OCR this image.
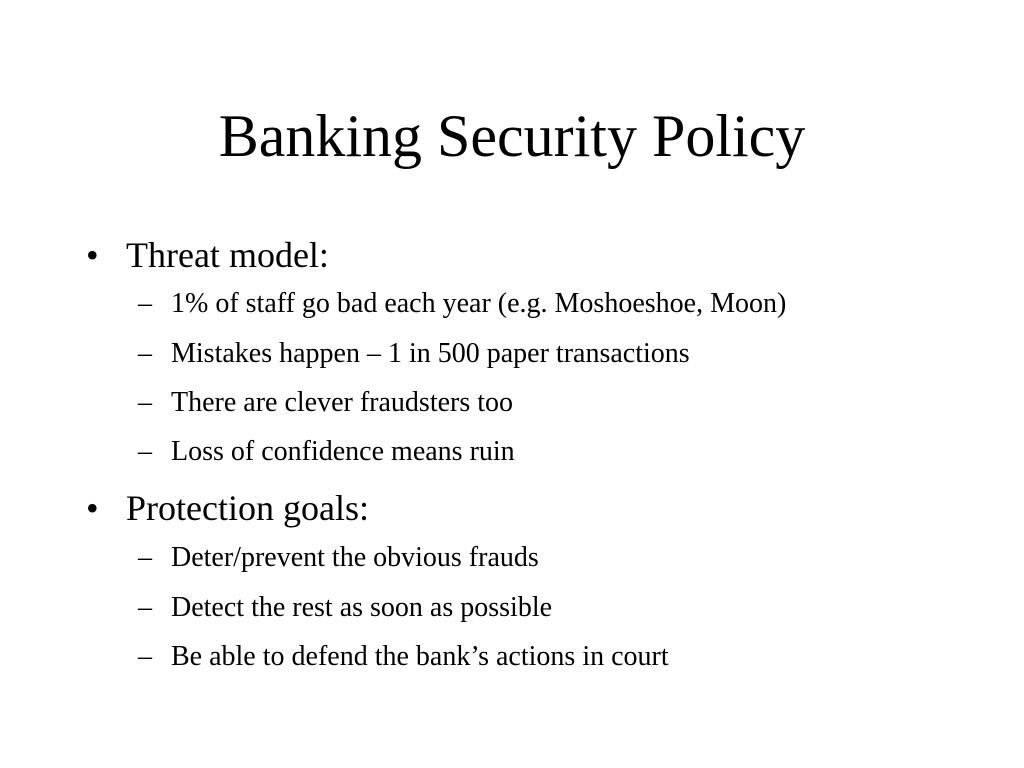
Banking Security Policy
• Threat model:
– 1% of staff go bad each year (e.g. Moshoeshoe, Moon)
– Mistakes happen – 1 in 500 paper transactions
– There are clever fraudsters too
– Loss of confidence means ruin
• Protection goals:
– Deter/prevent the obvious frauds
– Detect the rest as soon as possible
– Be able to defend the bank’s actions in court
